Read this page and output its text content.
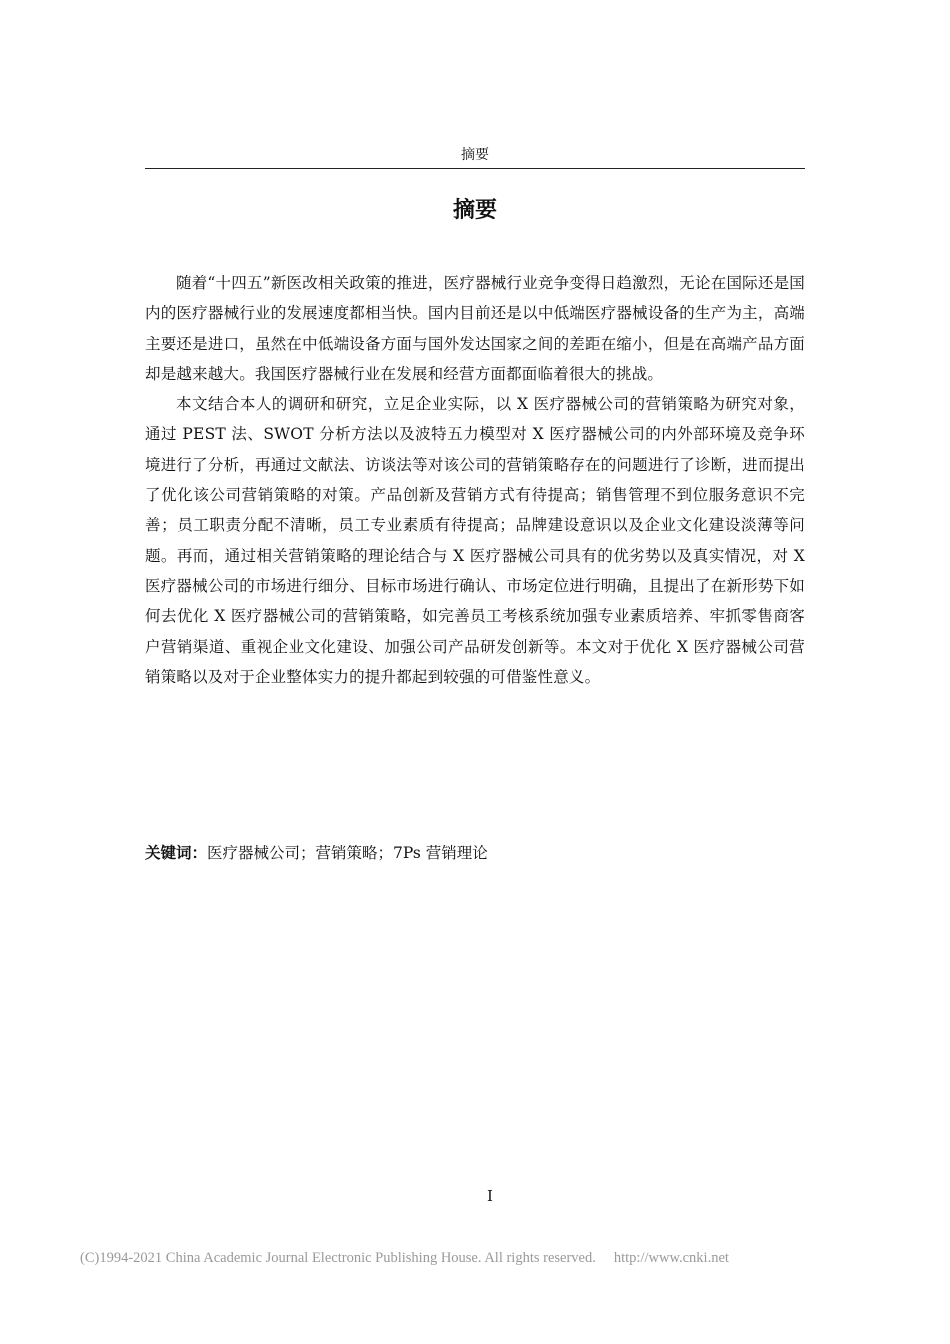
摘要
摘要

随着“十四五”新医改相关政策的推进，医疗器械行业竞争变得日趋激烈，无论在国际还是国内的医疗器械行业的发展速度都相当快。国内目前还是以中低端医疗器械设备的生产为主，高端主要还是进口，虽然在中低端设备方面与国外发达国家之间的差距在缩小，但是在高端产品方面却是越来越大。我国医疗器械行业在发展和经营方面都面临着很大的挑战。

本文结合本人的调研和研究，立足企业实际，以 X 医疗器械公司的营销策略为研究对象，通过 PEST 法、SWOT 分析方法以及波特五力模型对 X 医疗器械公司的内外部环境及竞争环境进行了分析，再通过文献法、访谈法等对该公司的营销策略存在的问题进行了诊断，进而提出了优化该公司营销策略的对策。产品创新及营销方式有待提高；销售管理不到位服务意识不完善；员工职责分配不清晰，员工专业素质有待提高；品牌建设意识以及企业文化建设淡薄等问题。再而，通过相关营销策略的理论结合与 X 医疗器械公司具有的优劣势以及真实情况，对 X 医疗器械公司的市场进行细分、目标市场进行确认、市场定位进行明确，且提出了在新形势下如何去优化 X 医疗器械公司的营销策略，如完善员工考核系统加强专业素质培养、牢抓零售商客户营销渠道、重视企业文化建设、加强公司产品研发创新等。本文对于优化 X 医疗器械公司营销策略以及对于企业整体实力的提升都起到较强的可借鉴性意义。

关键词：医疗器械公司；营销策略；7Ps 营销理论
I
(C)1994-2021 China Academic Journal Electronic Publishing House. All rights reserved. http://www.cnki.net
